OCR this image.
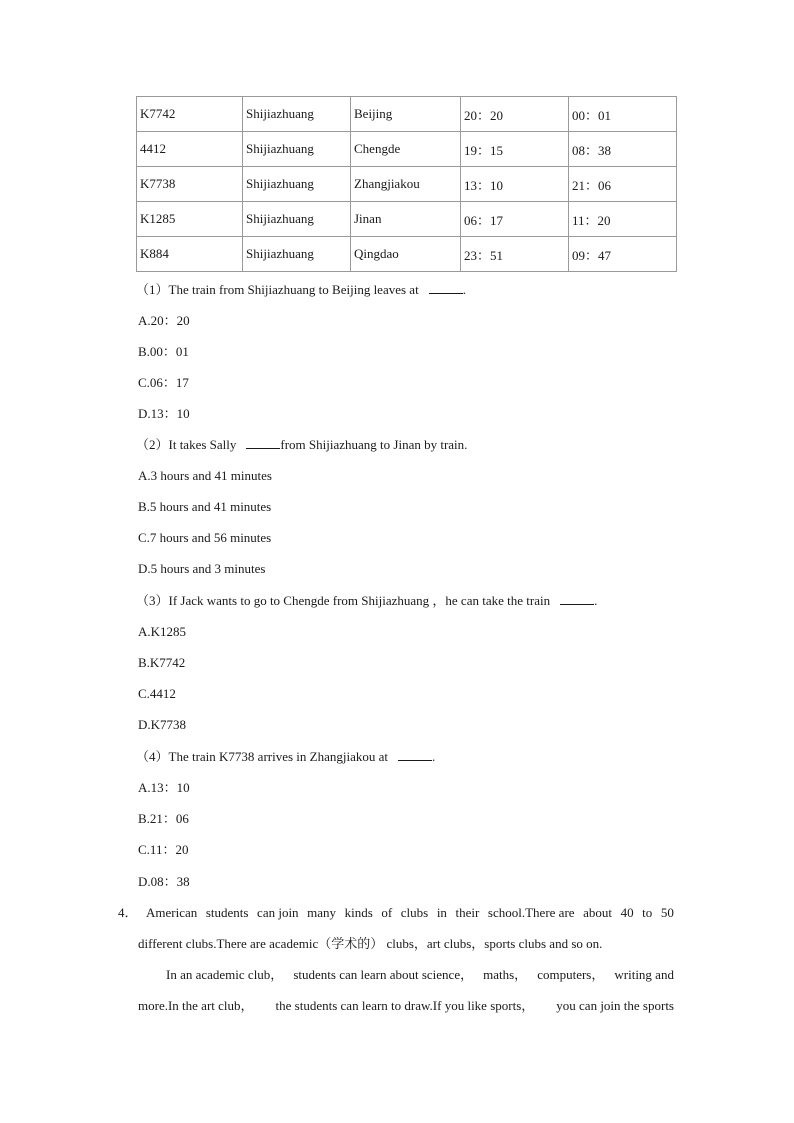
K7742	Shijiazhuang	Beijing	20：20	00：01
4412	Shijiazhuang	Chengde	19：15	08：38
K7738	Shijiazhuang	Zhangjiakou	13：10	21：06
K1285	Shijiazhuang	Jinan	06：17	11：20
K884	Shijiazhuang	Qingdao	23：51	09：47
（1）The train from Shijiazhuang to Beijing leaves at	.
A.20：20
B.00：01
C.06：17
D.13：10
（2）It takes Sally	from Shijiazhuang to Jinan by train.
A.3 hours and 41 minutes
B.5 hours and 41 minutes
C.7 hours and 56 minutes
D.5 hours and 3 minutes
（3）If Jack wants to go to Chengde from Shijiazhuang ，he can take the train	.
A.K1285
B.K7742
C.4412
D.K7738
（4）The train K7738 arrives in Zhangjiakou at	.
A.13：10
B.21：06
C.11：20
D.08：38
4． American students can join many kinds of clubs in their school.There are about 40 to 50
different clubs.There are academic（学术的） clubs，art clubs，sports clubs and so on.
In an academic club， students can learn about science， maths， computers， writing and
more.In the art club， the students can learn to draw.If you like sports， you can join the sports
